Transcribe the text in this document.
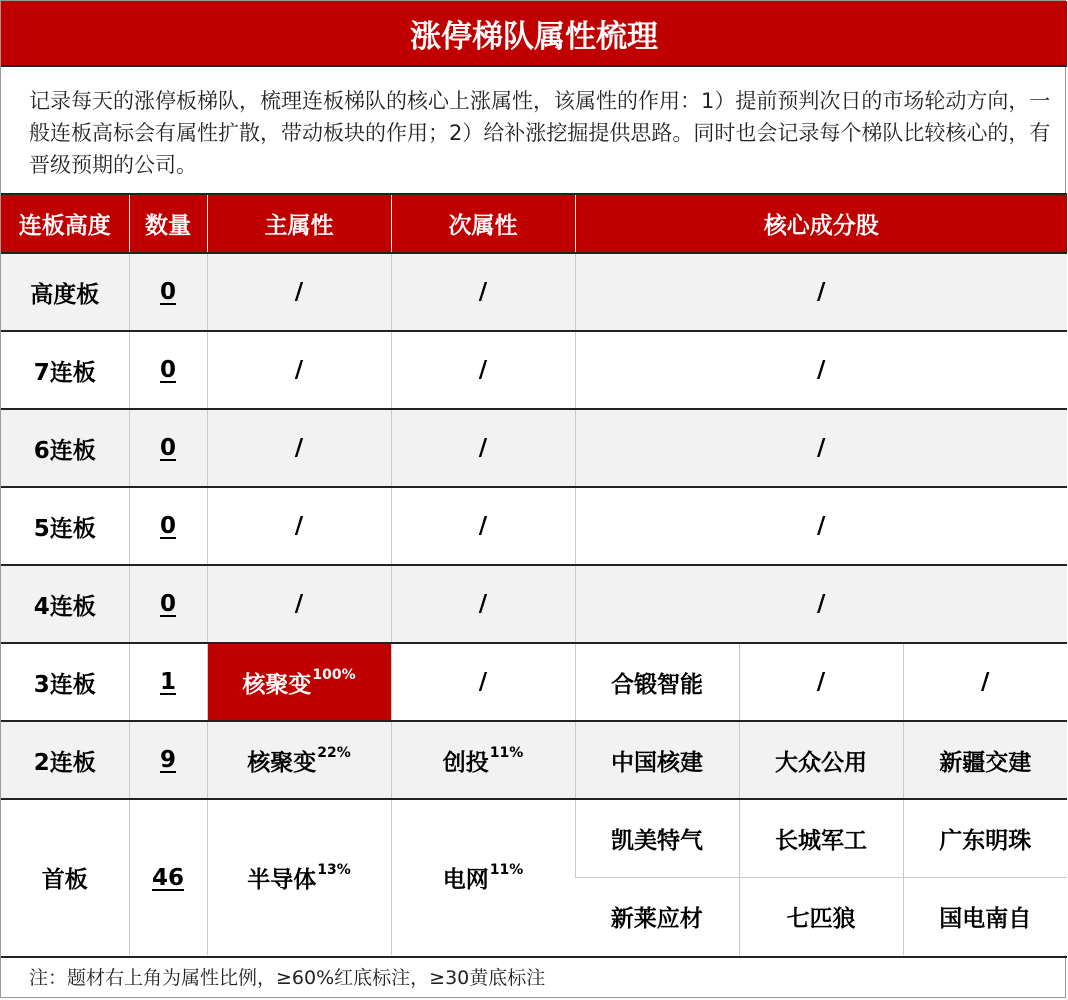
涨停梯队属性梳理
记录每天的涨停板梯队，梳理连板梯队的核心上涨属性，该属性的作用：1）提前预判次日的市场轮动方向，一般连板高标会有属性扩散，带动板块的作用；2）给补涨挖掘提供思路。同时也会记录每个梯队比较核心的，有晋级预期的公司。
连板高度	数量	主属性	次属性	核心成分股		
高度板	0	/	/	/		
7连板	0	/	/	/		
6连板	0	/	/	/		
5连板	0	/	/	/		
4连板	0	/	/	/		
3连板	1	核聚变$^{100\%}$	/	合锻智能	/	/
2连板	9	核聚变$^{22\%}$	创投$^{11\%}$	中国核建	大众公用	新疆交建
首板	46	半导体$^{13\%}$	电网$^{11\%}$	凯美特气	长城军工	广东明珠
				新莱应材	七匹狼	国电南自
注：题材右上角为属性比例，≥60%红底标注，≥30黄底标注
